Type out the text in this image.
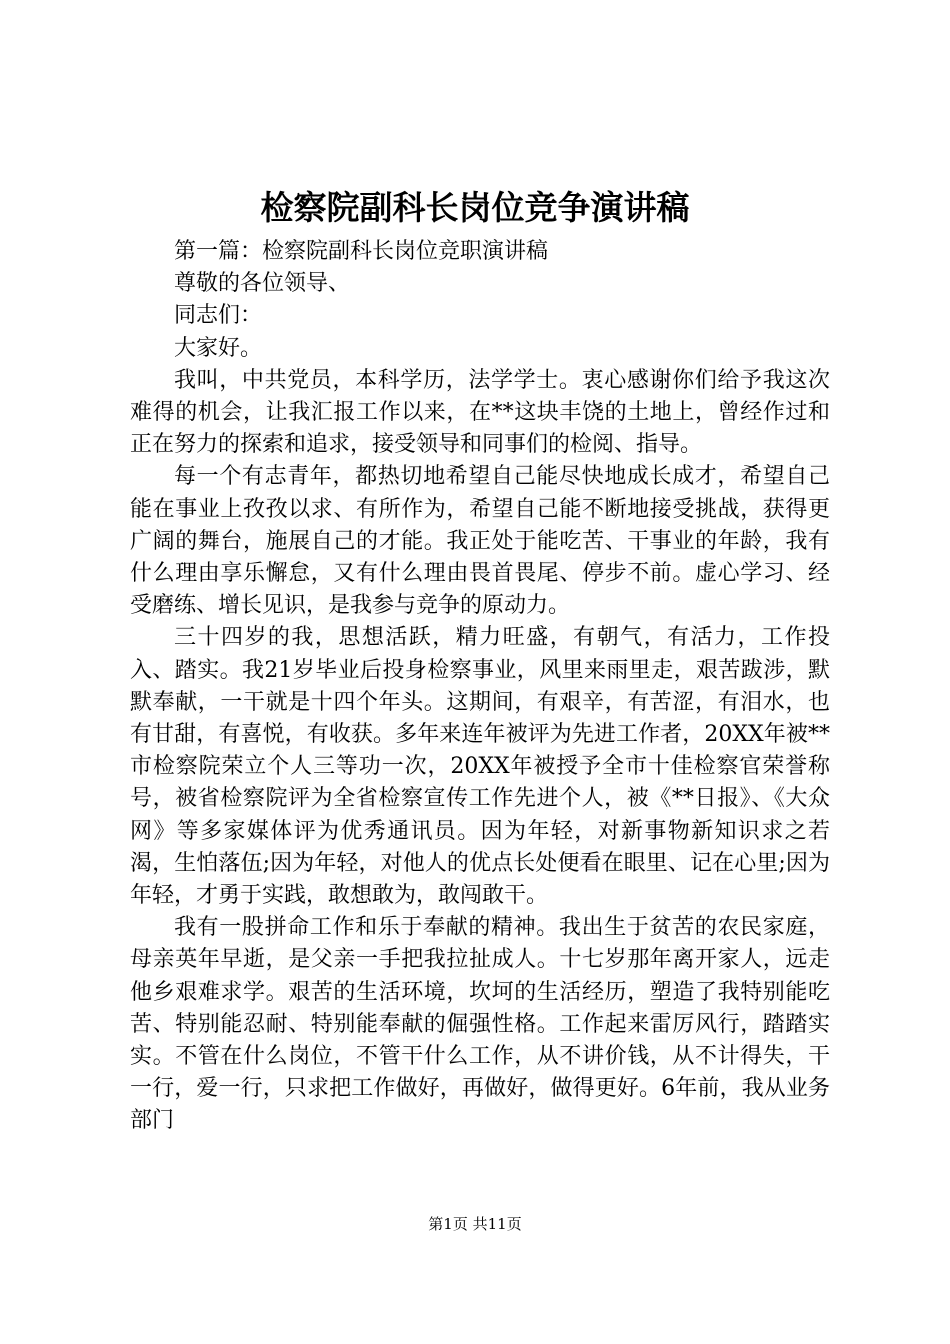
检察院副科长岗位竞争演讲稿

第一篇：检察院副科长岗位竞职演讲稿

尊敬的各位领导、

同志们：

大家好。

我叫，中共党员，本科学历，法学学士。衷心感谢你们给予我这次难得的机会，让我汇报工作以来，在**这块丰饶的土地上，曾经作过和正在努力的探索和追求，接受领导和同事们的检阅、指导。

每一个有志青年，都热切地希望自己能尽快地成长成才，希望自己能在事业上孜孜以求、有所作为，希望自己能不断地接受挑战，获得更广阔的舞台，施展自己的才能。我正处于能吃苦、干事业的年龄，我有什么理由享乐懈怠，又有什么理由畏首畏尾、停步不前。虚心学习、经受磨练、增长见识，是我参与竞争的原动力。

三十四岁的我，思想活跃，精力旺盛，有朝气，有活力，工作投入、踏实。我21岁毕业后投身检察事业，风里来雨里走，艰苦跋涉，默默奉献，一干就是十四个年头。这期间，有艰辛，有苦涩，有泪水，也有甘甜，有喜悦，有收获。多年来连年被评为先进工作者，20XX年被**市检察院荣立个人三等功一次，20XX年被授予全市十佳检察官荣誉称号，被省检察院评为全省检察宣传工作先进个人，被《**日报》、《大众网》等多家媒体评为优秀通讯员。因为年轻，对新事物新知识求之若渴，生怕落伍;因为年轻，对他人的优点长处便看在眼里、记在心里;因为年轻，才勇于实践，敢想敢为，敢闯敢干。

我有一股拼命工作和乐于奉献的精神。我出生于贫苦的农民家庭，母亲英年早逝，是父亲一手把我拉扯成人。十七岁那年离开家人，远走他乡艰难求学。艰苦的生活环境，坎坷的生活经历，塑造了我特别能吃苦、特别能忍耐、特别能奉献的倔强性格。工作起来雷厉风行，踏踏实实。不管在什么岗位，不管干什么工作，从不讲价钱，从不计得失，干一行，爱一行，只求把工作做好，再做好，做得更好。6年前，我从业务部门

第1页 共11页
